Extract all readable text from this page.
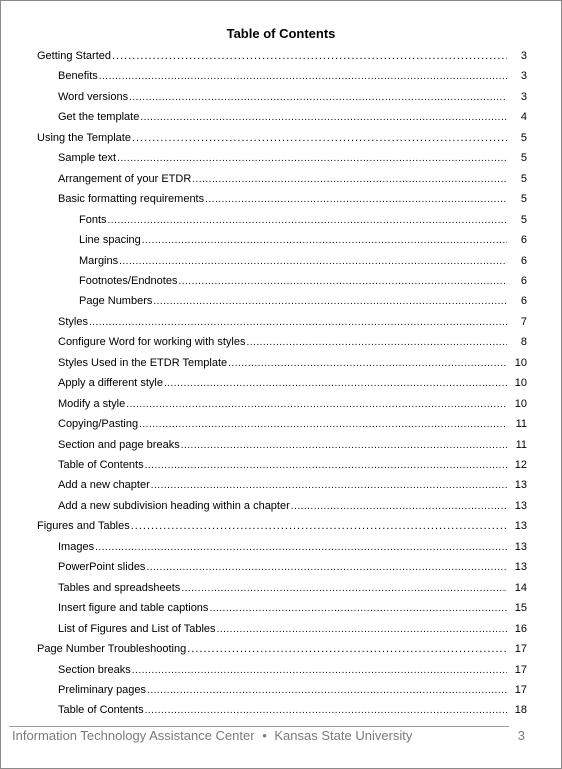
Table of Contents
Getting Started .....	3
Benefits .....	3
Word versions .....	3
Get the template .....	4
Using the Template .....	5
Sample text .....	5
Arrangement of your ETDR .....	5
Basic formatting requirements .....	5
Fonts .....	5
Line spacing .....	6
Margins .....	6
Footnotes/Endnotes .....	6
Page Numbers .....	6
Styles .....	7
Configure Word for working with styles .....	8
Styles Used in the ETDR Template .....	10
Apply a different style .....	10
Modify a style .....	10
Copying/Pasting .....	11
Section and page breaks .....	11
Table of Contents .....	12
Add a new chapter .....	13
Add a new subdivision heading within a chapter .....	13
Figures and Tables .....	13
Images .....	13
PowerPoint slides .....	13
Tables and spreadsheets .....	14
Insert figure and table captions .....	15
List of Figures and List of Tables .....	16
Page Number Troubleshooting .....	17
Section breaks .....	17
Preliminary pages .....	17
Table of Contents .....	18
Information Technology Assistance Center • Kansas State University	3
